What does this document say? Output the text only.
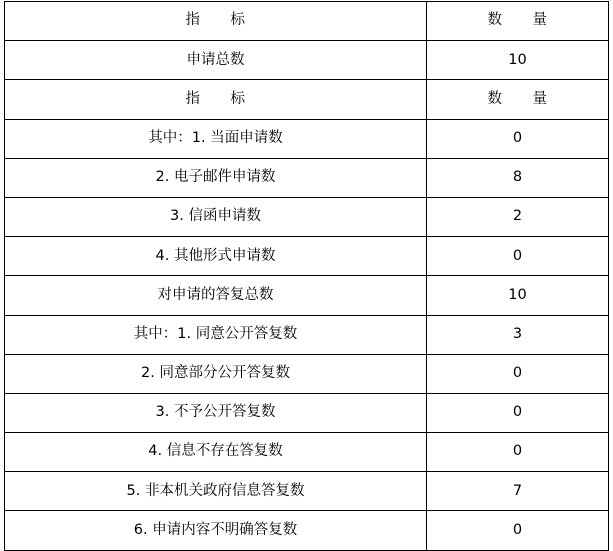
指　　标	数　　量
申请总数	10
指　　标	数　　量
其中：1. 当面申请数	0
2. 电子邮件申请数	8
3. 信函申请数	2
4. 其他形式申请数	0
对申请的答复总数	10
其中：1. 同意公开答复数	3
2. 同意部分公开答复数	0
3. 不予公开答复数	0
4. 信息不存在答复数	0
5. 非本机关政府信息答复数	7
6. 申请内容不明确答复数	0
